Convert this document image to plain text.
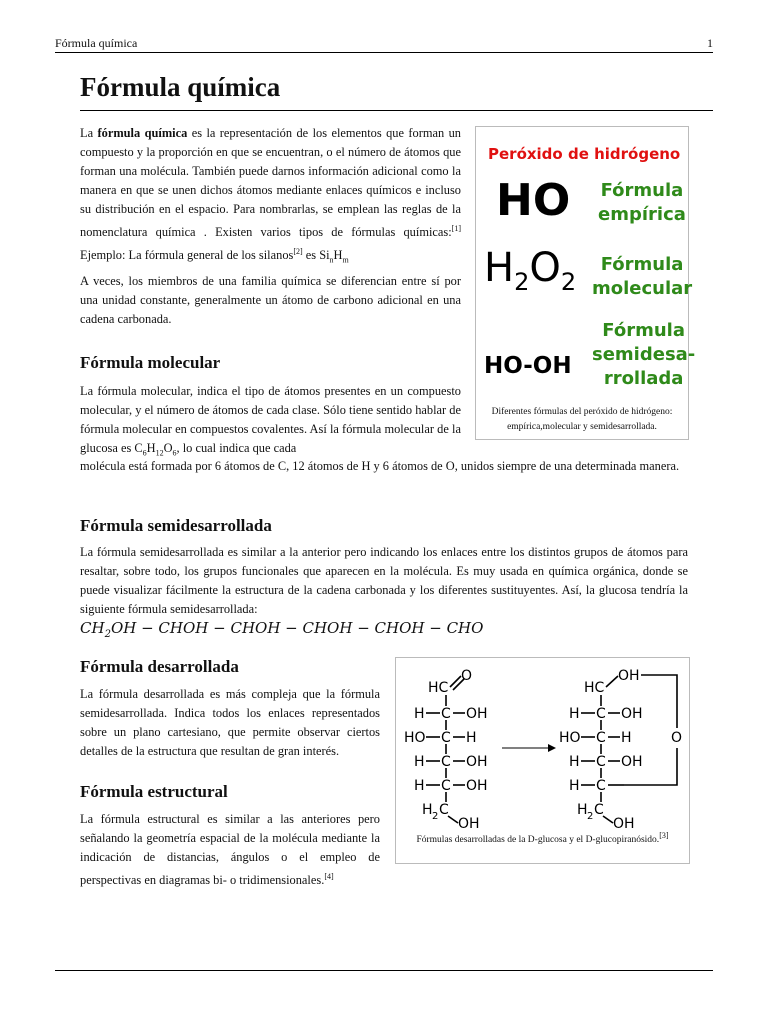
Fórmula química	1
Fórmula química

La fórmula química es la representación de los elementos que forman un compuesto y la proporción en que se encuentran, o el número de átomos que forman una molécula. También puede darnos información adicional como la manera en que se unen dichos átomos mediante enlaces químicos e incluso su distribución en el espacio. Para nombrarlas, se emplean las reglas de la nomenclatura química . Existen varios tipos de fórmulas químicas:[1] Ejemplo: La fórmula general de los silanos[2] es $Si_nH_m$

A veces, los miembros de una familia química se diferencian entre sí por una unidad constante, generalmente un átomo de carbono adicional en una cadena carbonada.

Peróxido de hidrógeno
HO Fórmula
empírica
$H_2O_2$
Fórmula
molecular
HO-OH
Fórmula
semidesa-
rrollada
Diferentes fórmulas del peróxido de hidrógeno: empírica,molecular y semidesarrollada.
Fórmula molecular

La fórmula molecular, indica el tipo de átomos presentes en un compuesto molecular, y el número de átomos de cada clase. Sólo tiene sentido hablar de fórmula molecular en compuestos covalentes. Así la fórmula molecular de la glucosa es $C_6H_{12}O_6$, lo cual indica que cada

molécula está formada por 6 átomos de C, 12 átomos de H y 6 átomos de O, unidos siempre de una determinada manera.

Fórmula semidesarrollada

La fórmula semidesarrollada es similar a la anterior pero indicando los enlaces entre los distintos grupos de átomos para resaltar, sobre todo, los grupos funcionales que aparecen en la molécula. Es muy usada en química orgánica, donde se puede visualizar fácilmente la estructura de la cadena carbonada y los diferentes sustituyentes. Así, la glucosa tendría la siguiente fórmula semidesarrollada:

$CH_2OH$ − CHOH − CHOH − CHOH − CHOH − CHO
Fórmula desarrollada

La fórmula desarrollada es más compleja que la fórmula semidesarrollada. Indica todos los enlaces representados sobre un plano cartesiano, que permite observar ciertos detalles de la estructura que resultan de gran interés.

Fórmula estructural

La fórmula estructural es similar a las anteriores pero señalando la geometría espacial de la molécula mediante la indicación de distancias, ángulos o el empleo de perspectivas en diagramas bi- o tridimensionales.[4]

HC
O
H C OH
HO C H
H C OH
H C OH
H 2 C
OH
HC
OH
H C OH
HO C H
H C OH
H C
O
H 2 C
OH
Fórmulas desarrolladas de la D-glucosa y el D-glucopiranósido.[3]
